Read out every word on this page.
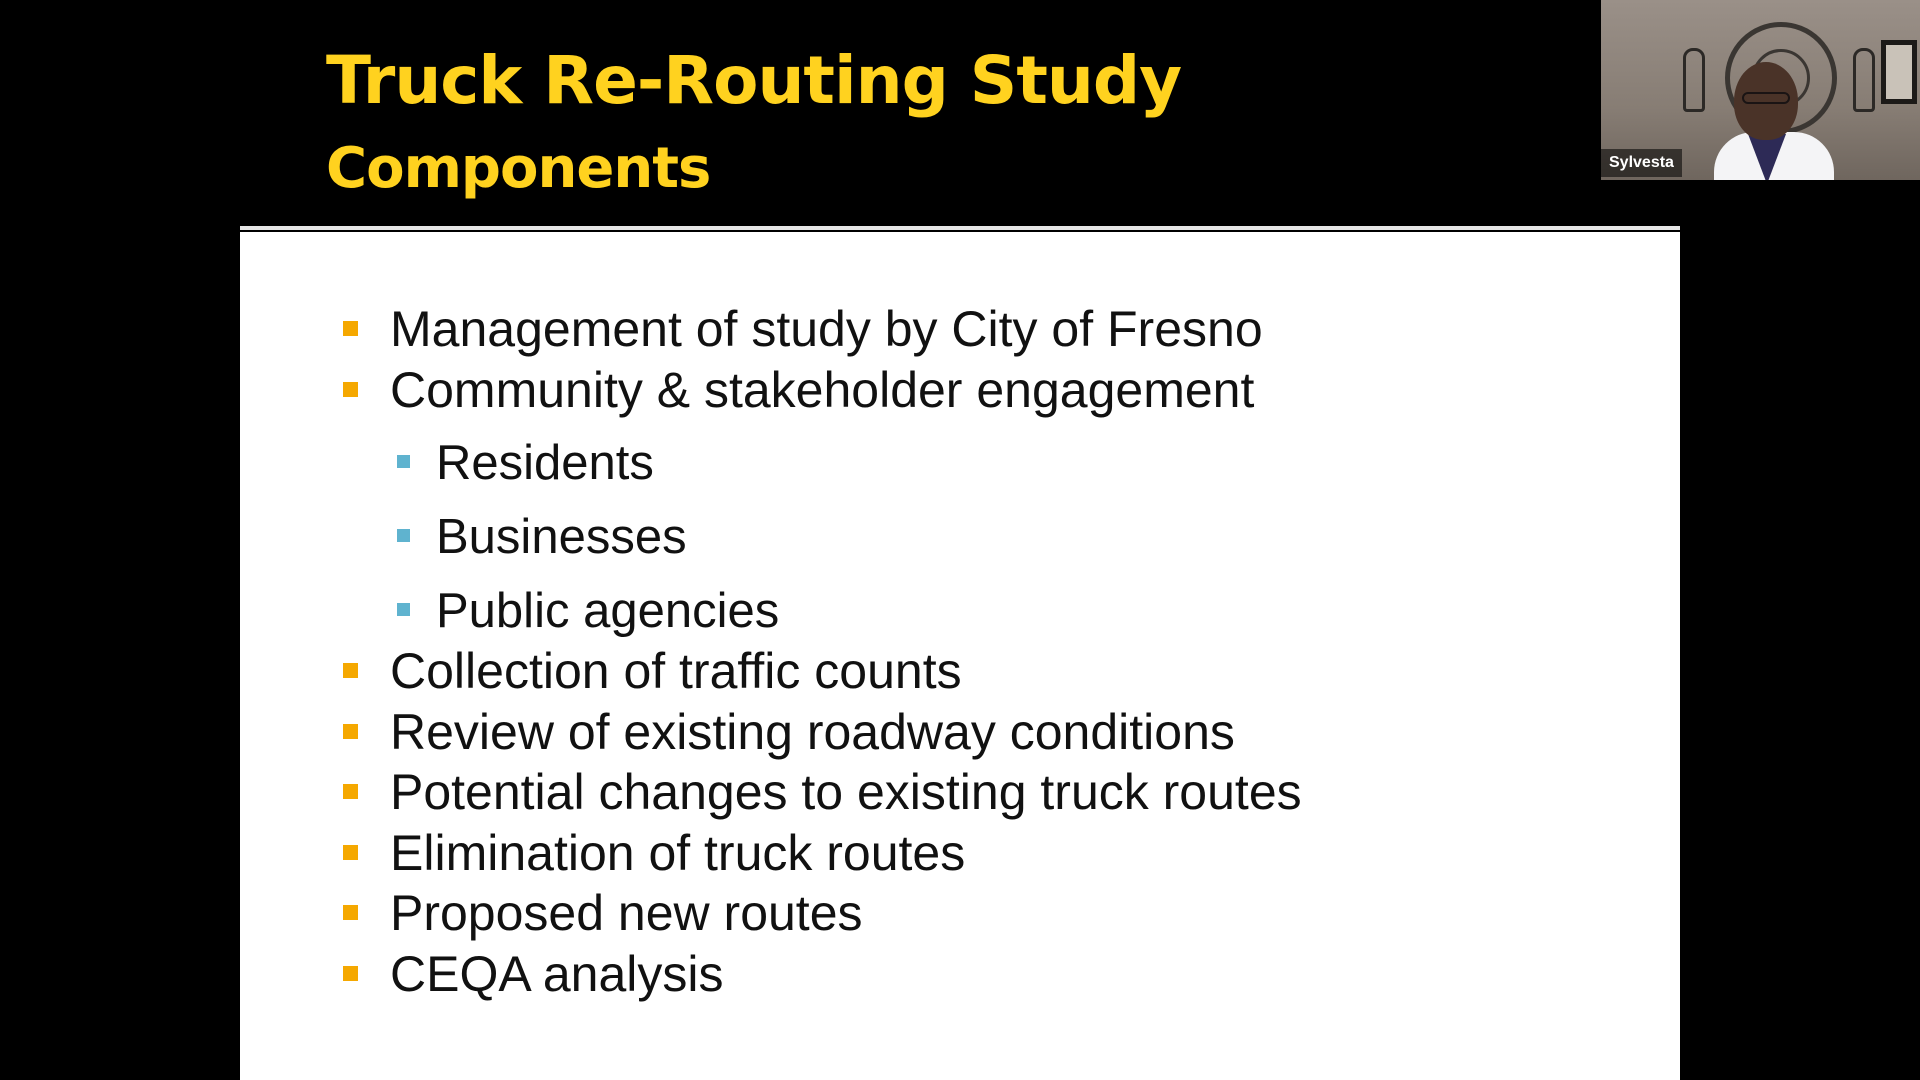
Truck Re-Routing Study
Components
Management of study by City of Fresno
Community & stakeholder engagement
Residents
Businesses
Public agencies
Collection of traffic counts
Review of existing roadway conditions
Potential changes to existing truck routes
Elimination of truck routes
Proposed new routes
CEQA analysis
Sylvesta
